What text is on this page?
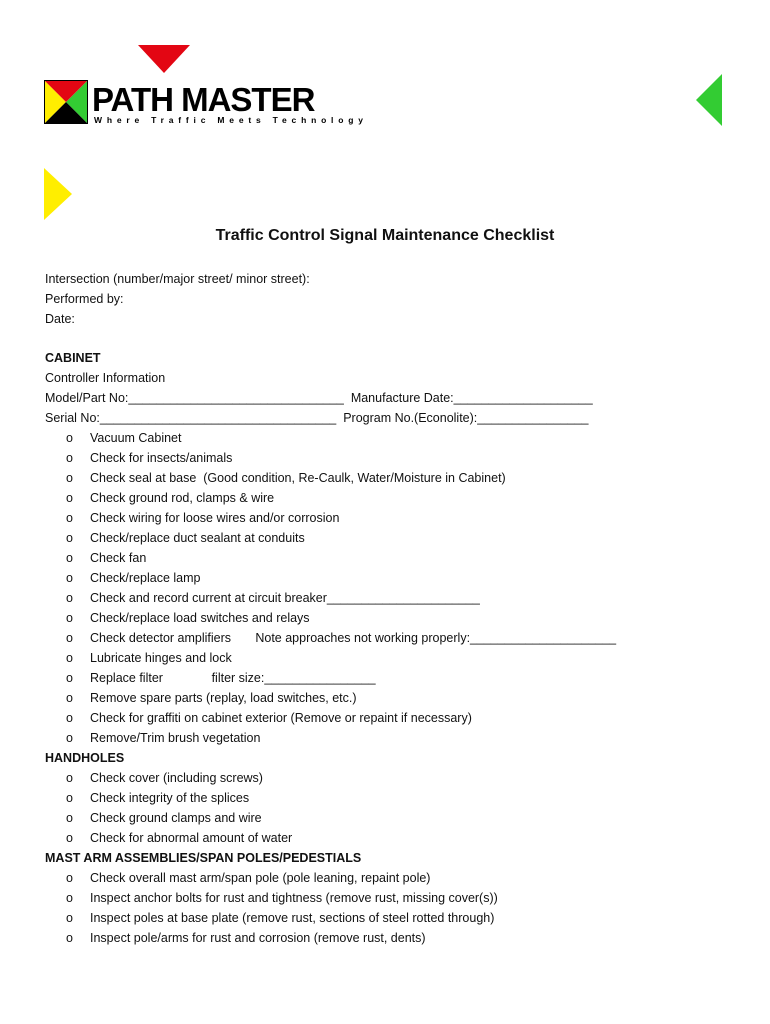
PATH MASTER
Where Traffic Meets Technology
Traffic Control Signal Maintenance Checklist
Intersection (number/major street/ minor street):
Performed by:
Date:
CABINET
Controller Information
Model/Part No:_______________________________  Manufacture Date:____________________
Serial No:__________________________________  Program No.(Econolite):________________
o Vacuum Cabinet
o Check for insects/animals
o Check seal at base  (Good condition, Re-Caulk, Water/Moisture in Cabinet)
o Check ground rod, clamps & wire
o Check wiring for loose wires and/or corrosion
o Check/replace duct sealant at conduits
o Check fan
o Check/replace lamp
o Check and record current at circuit breaker______________________
o Check/replace load switches and relays
o Check detector amplifiers       Note approaches not working properly:_____________________
o Lubricate hinges and lock
o Replace filter              filter size:________________
o Remove spare parts (replay, load switches, etc.)
o Check for graffiti on cabinet exterior (Remove or repaint if necessary)
o Remove/Trim brush vegetation
HANDHOLES
o Check cover (including screws)
o Check integrity of the splices
o Check ground clamps and wire
o Check for abnormal amount of water
MAST ARM ASSEMBLIES/SPAN POLES/PEDESTIALS
o Check overall mast arm/span pole (pole leaning, repaint pole)
o Inspect anchor bolts for rust and tightness (remove rust, missing cover(s))
o Inspect poles at base plate (remove rust, sections of steel rotted through)
o Inspect pole/arms for rust and corrosion (remove rust, dents)
